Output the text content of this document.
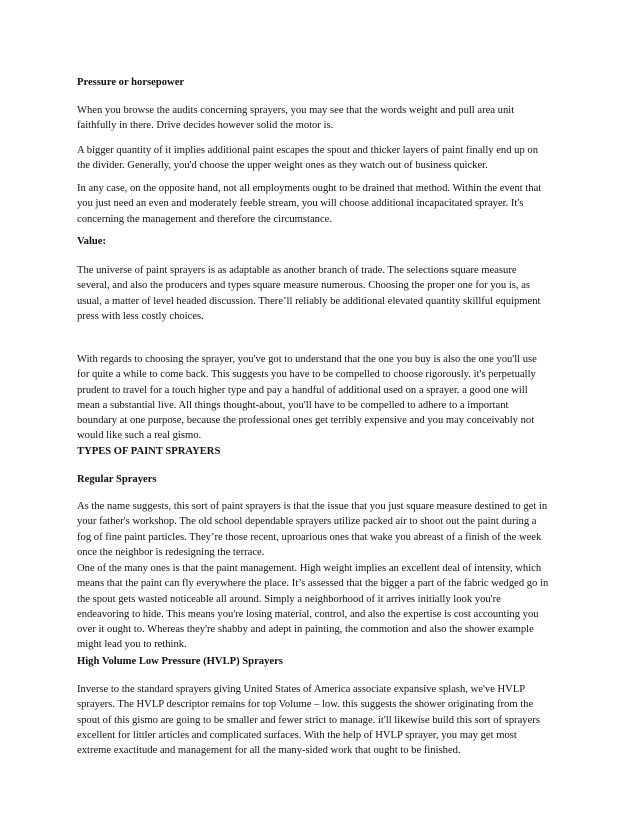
Pressure or horsepower

When you browse the audits concerning sprayers, you may see that the words weight and pull area unit
faithfully in there. Drive decides however solid the motor is.

A bigger quantity of it implies additional paint escapes the spout and thicker layers of paint finally end up on
the divider. Generally, you'd choose the upper weight ones as they watch out of business quicker.

In any case, on the opposite hand, not all employments ought to be drained that method. Within the event that
you just need an even and moderately feeble stream, you will choose additional incapacitated sprayer. It's
concerning the management and therefore the circumstance.

Value:

The universe of paint sprayers is as adaptable as another branch of trade. The selections square measure
several, and also the producers and types square measure numerous. Choosing the proper one for you is, as
usual, a matter of level headed discussion. There’ll reliably be additional elevated quantity skillful equipment
press with less costly choices.

With regards to choosing the sprayer, you've got to understand that the one you buy is also the one you'll use
for quite a while to come back. This suggests you have to be compelled to choose rigorously. it's perpetually
prudent to travel for a touch higher type and pay a handful of additional used on a sprayer. a good one will
mean a substantial live. All things thought-about, you'll have to be compelled to adhere to a important
boundary at one purpose, because the professional ones get terribly expensive and you may conceivably not
would like such a real gismo.

TYPES OF PAINT SPRAYERS

Regular Sprayers

As the name suggests, this sort of paint sprayers is that the issue that you just square measure destined to get in
your father's workshop. The old school dependable sprayers utilize packed air to shoot out the paint during a
fog of fine paint particles. They’re those recent, uproarious ones that wake you abreast of a finish of the week
once the neighbor is redesigning the terrace.

One of the many ones is that the paint management. High weight implies an excellent deal of intensity, which
means that the paint can fly everywhere the place. It’s assessed that the bigger a part of the fabric wedged go in
the spout gets wasted noticeable all around. Simply a neighborhood of it arrives initially look you're
endeavoring to hide. This means you're losing material, control, and also the expertise is cost accounting you
over it ought to. Whereas they're shabby and adept in painting, the commotion and also the shower example
might lead you to rethink.

High Volume Low Pressure (HVLP) Sprayers

Inverse to the standard sprayers giving United States of America associate expansive splash, we've HVLP
sprayers. The HVLP descriptor remains for top Volume – low. this suggests the shower originating from the
spout of this gismo are going to be smaller and fewer strict to manage. it'll likewise build this sort of sprayers
excellent for littler articles and complicated surfaces. With the help of HVLP sprayer, you may get most
extreme exactitude and management for all the many-sided work that ought to be finished.
